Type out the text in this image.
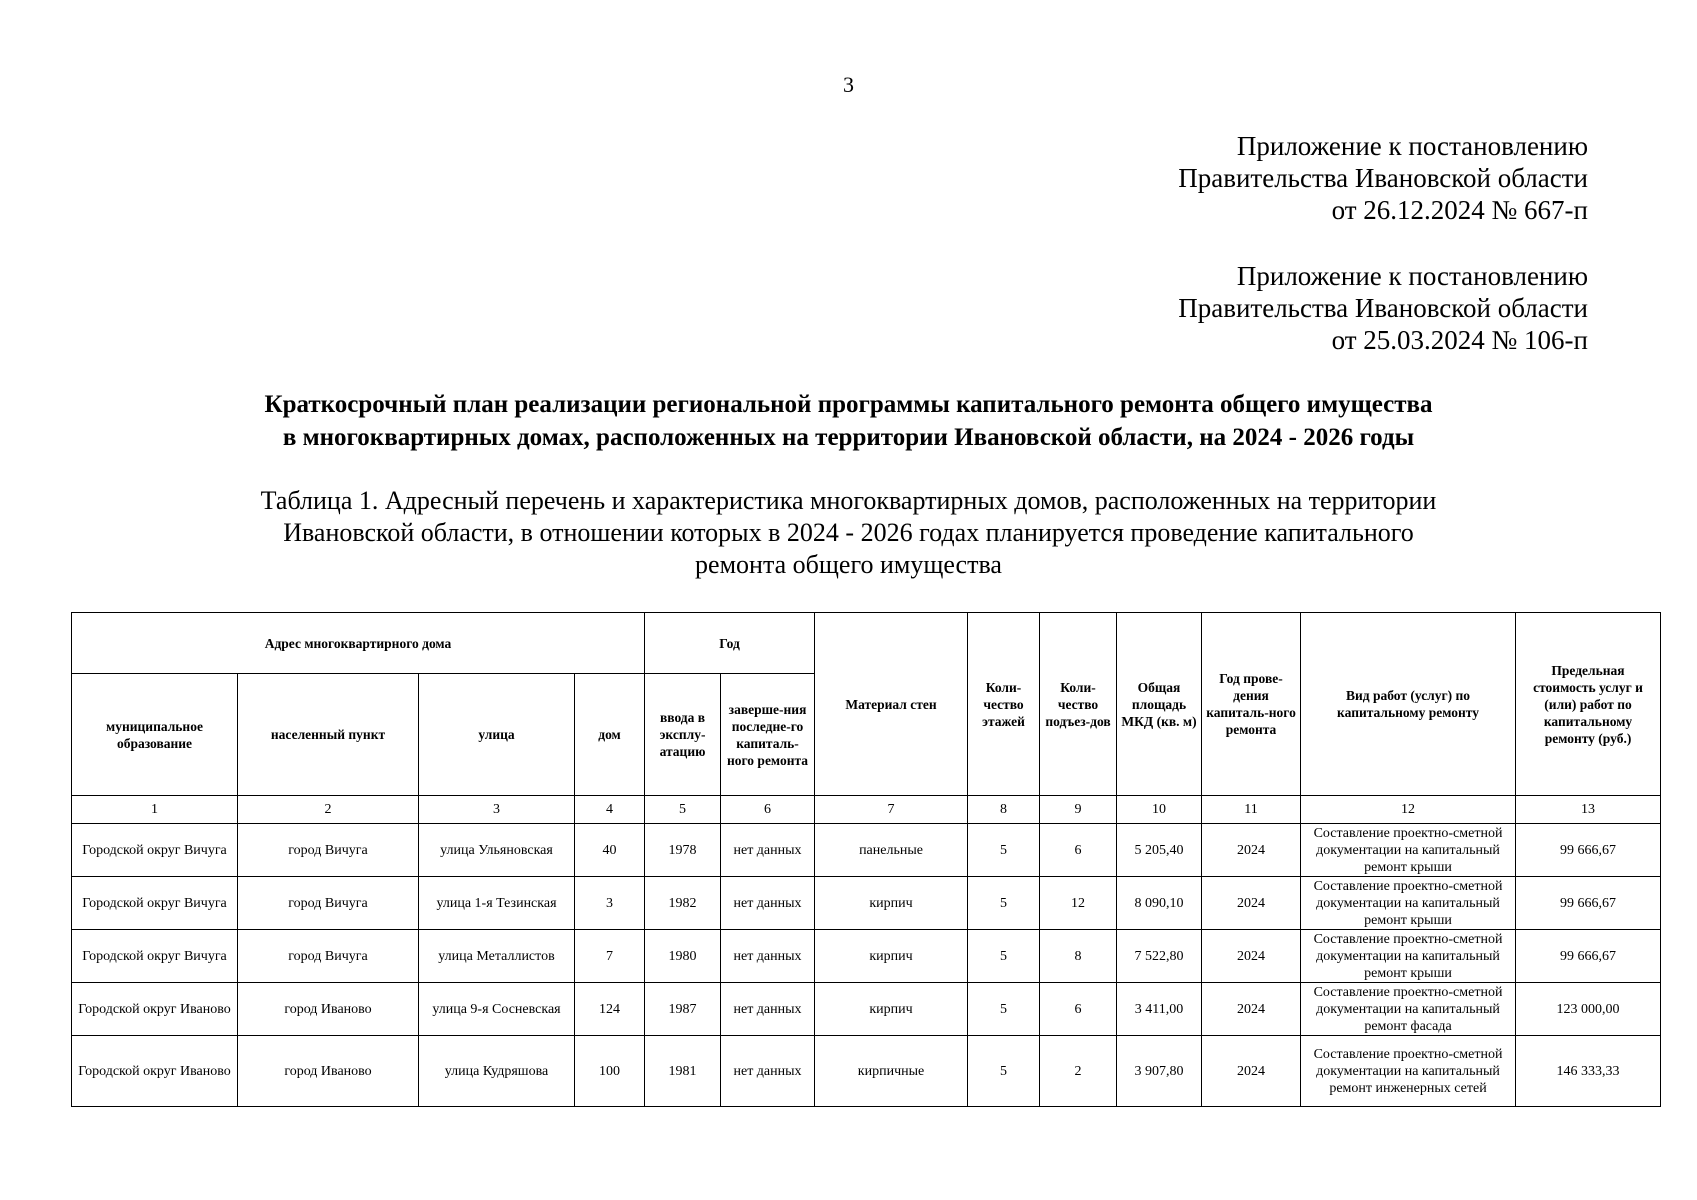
3
Приложение к постановлению
Правительства Ивановской области
от 26.12.2024 № 667-п
Приложение к постановлению
Правительства Ивановской области
от 25.03.2024 № 106-п
Краткосрочный план реализации региональной программы капитального ремонта общего имущества
в многоквартирных домах, расположенных на территории Ивановской области, на 2024 - 2026 годы
Таблица 1. Адресный перечень и характеристика многоквартирных домов, расположенных на территории
Ивановской области, в отношении которых в 2024 - 2026 годах планируется проведение капитального
ремонта общего имущества
Адрес многоквартирного дома				Год		Материал стен	Коли-чество этажей	Коли-чество подъез-дов	Общая площадь МКД (кв. м)	Год прове-дения капиталь-ного ремонта	Вид работ (услуг) по капитальному ремонту	Предельная стоимость услуг и (или) работ по капитальному ремонту (руб.)
муниципальное образование	населенный пункт	улица	дом	ввода в эксплу-атацию	заверше-ния последне-го капиталь-ного ремонта							
1	2	3	4	5	6	7	8	9	10	11	12	13
Городской округ Вичуга	город Вичуга	улица Ульяновская	40	1978	нет данных	панельные	5	6	5 205,40	2024	Составление проектно-сметной документации на капитальный ремонт крыши	99 666,67
Городской округ Вичуга	город Вичуга	улица 1-я Тезинская	3	1982	нет данных	кирпич	5	12	8 090,10	2024	Составление проектно-сметной документации на капитальный ремонт крыши	99 666,67
Городской округ Вичуга	город Вичуга	улица Металлистов	7	1980	нет данных	кирпич	5	8	7 522,80	2024	Составление проектно-сметной документации на капитальный ремонт крыши	99 666,67
Городской округ Иваново	город Иваново	улица 9-я Сосневская	124	1987	нет данных	кирпич	5	6	3 411,00	2024	Составление проектно-сметной документации на капитальный ремонт фасада	123 000,00
Городской округ Иваново	город Иваново	улица Кудряшова	100	1981	нет данных	кирпичные	5	2	3 907,80	2024	Составление проектно-сметной документации на капитальный ремонт инженерных сетей	146 333,33
